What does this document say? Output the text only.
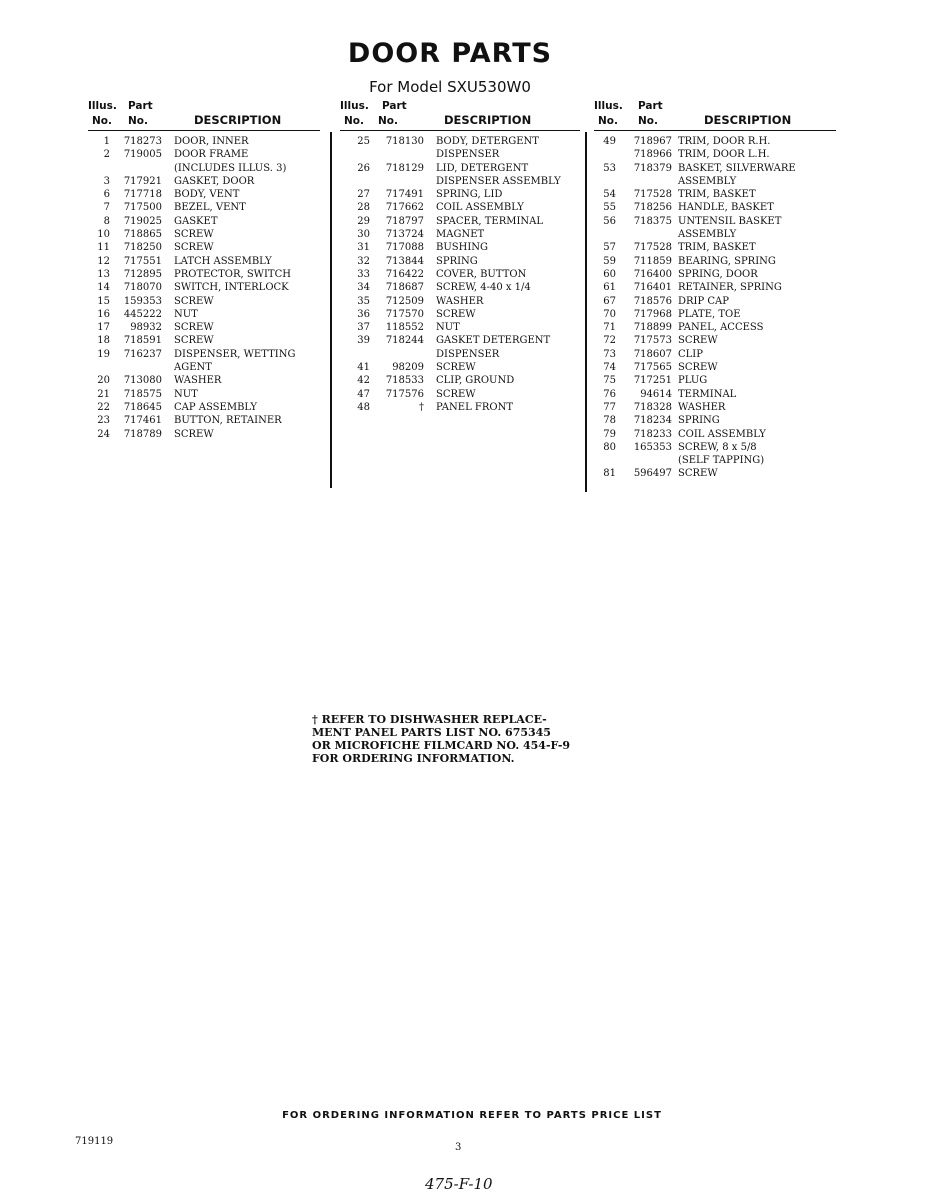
DOOR PARTS
For Model SXU530W0
Illus. Part
No. No.	DESCRIPTION
1	718273 DOOR, INNER
2	719005 DOOR FRAME
(INCLUDES ILLUS. 3)
3	717921 GASKET, DOOR
6	717718 BODY, VENT
7	717500 BEZEL, VENT
8	719025 GASKET
10	718865 SCREW
11	718250 SCREW
12	717551 LATCH ASSEMBLY
13	712895 PROTECTOR, SWITCH
14	718070 SWITCH, INTERLOCK
15	159353 SCREW
16	445222 NUT
17	98932 SCREW
18	718591 SCREW
19	716237 DISPENSER, WETTING
AGENT
20	713080 WASHER
21	718575 NUT
22	718645 CAP ASSEMBLY
23	717461 BUTTON, RETAINER
24	718789 SCREW
Illus. Part
No. No.	DESCRIPTION
25	718130 BODY, DETERGENT
DISPENSER
26	718129 LID, DETERGENT
DISPENSER ASSEMBLY
27	717491 SPRING, LID
28	717662 COIL ASSEMBLY
29	718797 SPACER, TERMINAL
30	713724 MAGNET
31	717088 BUSHING
32	713844 SPRING
33	716422 COVER, BUTTON
34	718687 SCREW, 4-40 x 1/4
35	712509 WASHER
36	717570 SCREW
37	118552 NUT
39	718244 GASKET DETERGENT
DISPENSER
41	98209 SCREW
42	718533 CLIP, GROUND
47	717576 SCREW
48	† PANEL FRONT
Illus. Part
No. No.	DESCRIPTION
49	718967 TRIM, DOOR R.H.
718966 TRIM, DOOR L.H.
53	718379 BASKET, SILVERWARE
ASSEMBLY
54	717528 TRIM, BASKET
55	718256 HANDLE, BASKET
56	718375 UNTENSIL BASKET
ASSEMBLY
57	717528 TRIM, BASKET
59	711859 BEARING, SPRING
60	716400 SPRING, DOOR
61	716401 RETAINER, SPRING
67	718576 DRIP CAP
70	717968 PLATE, TOE
71	718899 PANEL, ACCESS
72	717573 SCREW
73	718607 CLIP
74	717565 SCREW
75	717251 PLUG
76	94614 TERMINAL
77	718328 WASHER
78	718234 SPRING
79	718233 COIL ASSEMBLY
80	165353 SCREW, 8 x 5/8
(SELF TAPPING)
81	596497 SCREW
† REFER TO DISHWASHER REPLACE-
MENT PANEL PARTS LIST NO. 675345
OR MICROFICHE FILMCARD NO. 454-F-9
FOR ORDERING INFORMATION.
FOR ORDERING INFORMATION REFER TO PARTS PRICE LIST
719119
3
475-F-10
